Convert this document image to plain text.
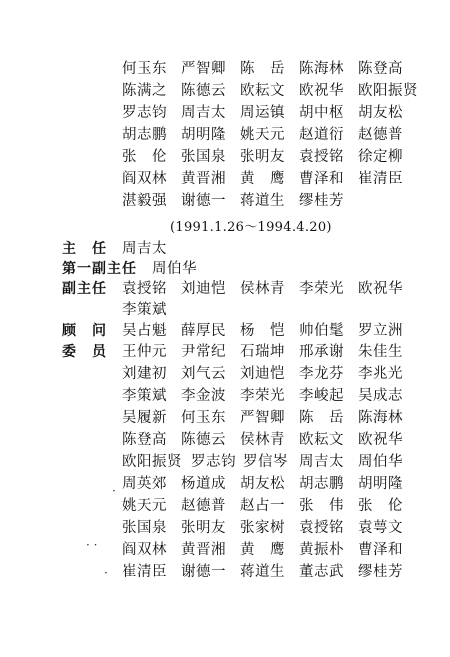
何玉东 严智卿 陈　岳 陈海林 陈登高
陈满之 陈德云 欧耘文 欧祝华 欧阳振贤
罗志钧 周吉太 周运镇 胡中枢 胡友松
胡志鹏 胡明隆 姚天元 赵道衍 赵德普
张　伦 张国泉 张明友 袁授铭 徐定柳
阎双林 黄晋湘 黄　鹰 曹泽和 崔清臣
湛毅强 谢德一 蒋道生 缪桂芳
(1991.1.26～1994.4.20)
主　任 周吉太
第一副主任 周伯华
副主任 袁授铭 刘迪恺 侯林青 李荣光 欧祝华
李策斌
顾　问 吴占魁 薛厚民 杨　恺 帅伯髦 罗立洲
委　员 王仲元 尹常纪 石瑞坤 邢承谢 朱佳生
刘建初 刘气云 刘迪恺 李龙芬 李兆光
李策斌 李金波 李荣光 李峻起 吴成志
吴履新 何玉东 严智卿 陈　岳 陈海林
陈登高 陈德云 侯林青 欧耘文 欧祝华
欧阳振贤 罗志钧 罗信岑 周吉太 周伯华
周英郊 杨道成 胡友松 胡志鹏 胡明隆
姚天元 赵德普 赵占一 张　伟 张　伦
张国泉 张明友 张家树 袁授铭 袁萼文
阎双林 黄晋湘 黄　鹰 黄振朴 曹泽和
崔清臣 谢德一 蒋道生 董志武 缪桂芳
· ·
·
·
